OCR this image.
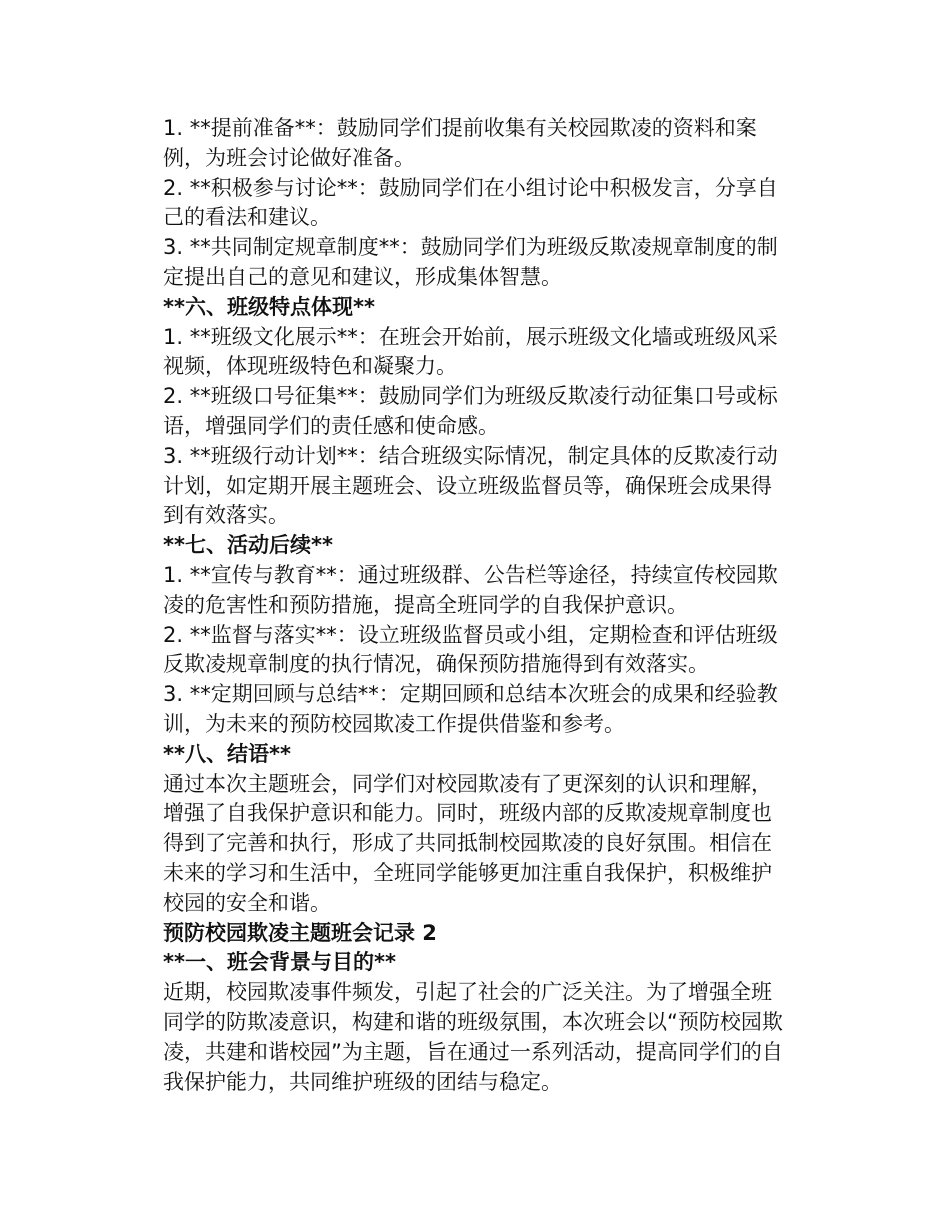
1. **提前准备**：鼓励同学们提前收集有关校园欺凌的资料和案例，为班会讨论做好准备。

2. **积极参与讨论**：鼓励同学们在小组讨论中积极发言，分享自己的看法和建议。

3. **共同制定规章制度**：鼓励同学们为班级反欺凌规章制度的制定提出自己的意见和建议，形成集体智慧。

**六、班级特点体现**

1. **班级文化展示**：在班会开始前，展示班级文化墙或班级风采视频，体现班级特色和凝聚力。

2. **班级口号征集**：鼓励同学们为班级反欺凌行动征集口号或标语，增强同学们的责任感和使命感。

3. **班级行动计划**：结合班级实际情况，制定具体的反欺凌行动计划，如定期开展主题班会、设立班级监督员等，确保班会成果得到有效落实。

**七、活动后续**

1. **宣传与教育**：通过班级群、公告栏等途径，持续宣传校园欺凌的危害性和预防措施，提高全班同学的自我保护意识。

2. **监督与落实**：设立班级监督员或小组，定期检查和评估班级反欺凌规章制度的执行情况，确保预防措施得到有效落实。

3. **定期回顾与总结**：定期回顾和总结本次班会的成果和经验教训，为未来的预防校园欺凌工作提供借鉴和参考。

**八、结语**

通过本次主题班会，同学们对校园欺凌有了更深刻的认识和理解，增强了自我保护意识和能力。同时，班级内部的反欺凌规章制度也得到了完善和执行，形成了共同抵制校园欺凌的良好氛围。相信在未来的学习和生活中，全班同学能够更加注重自我保护，积极维护校园的安全和谐。

预防校园欺凌主题班会记录 2

**一、班会背景与目的**

近期，校园欺凌事件频发，引起了社会的广泛关注。为了增强全班同学的防欺凌意识，构建和谐的班级氛围，本次班会以“预防校园欺凌，共建和谐校园”为主题，旨在通过一系列活动，提高同学们的自我保护能力，共同维护班级的团结与稳定。
